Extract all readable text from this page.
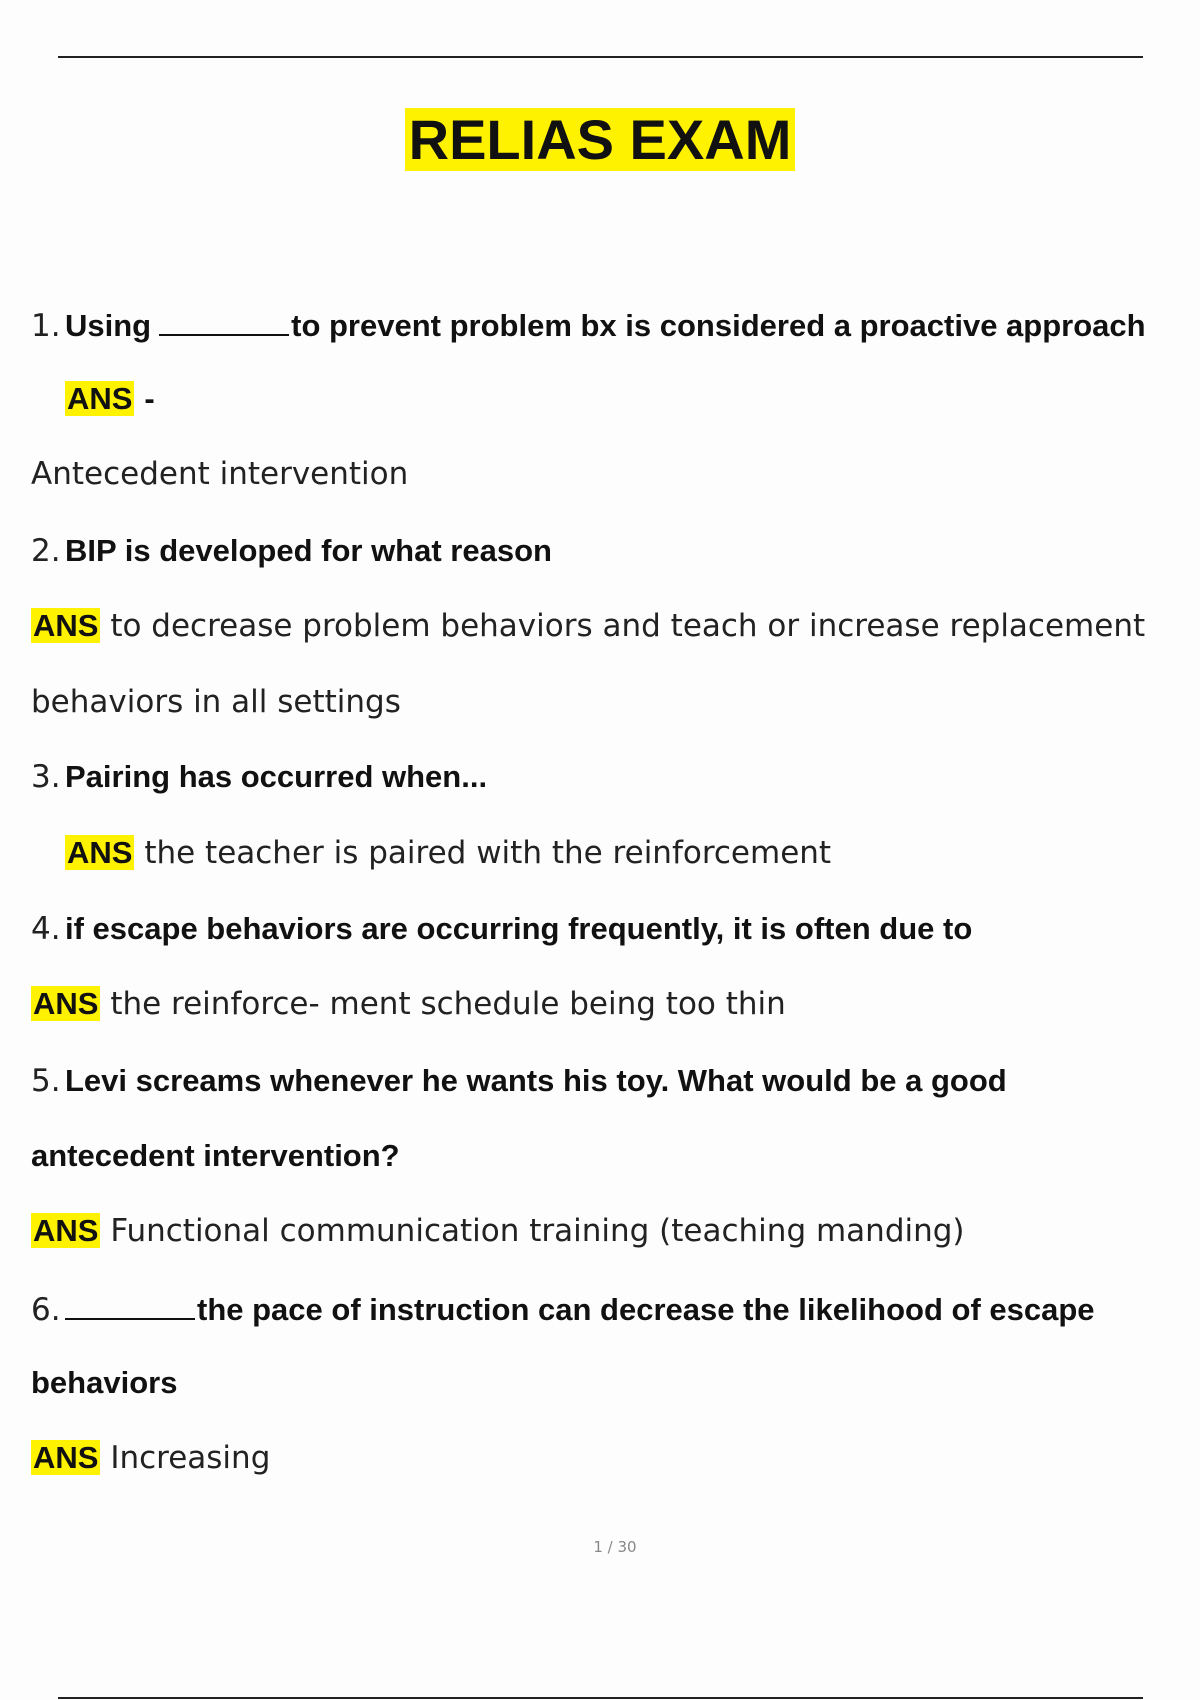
RELIAS EXAM
1. Using	to prevent problem bx is considered a proactive approach
ANS -
Antecedent intervention
2. BIP is developed for what reason
ANS to decrease problem behaviors and teach or increase replacement
behaviors in all settings
3. Pairing has occurred when...
ANS the teacher is paired with the reinforcement
4. if escape behaviors are occurring frequently, it is often due to
ANS the reinforce- ment schedule being too thin
5. Levi screams whenever he wants his toy. What would be a good
antecedent intervention?
ANS Functional communication training (teaching manding)
6.	the pace of instruction can decrease the likelihood of escape
behaviors
ANS Increasing
1 / 30
